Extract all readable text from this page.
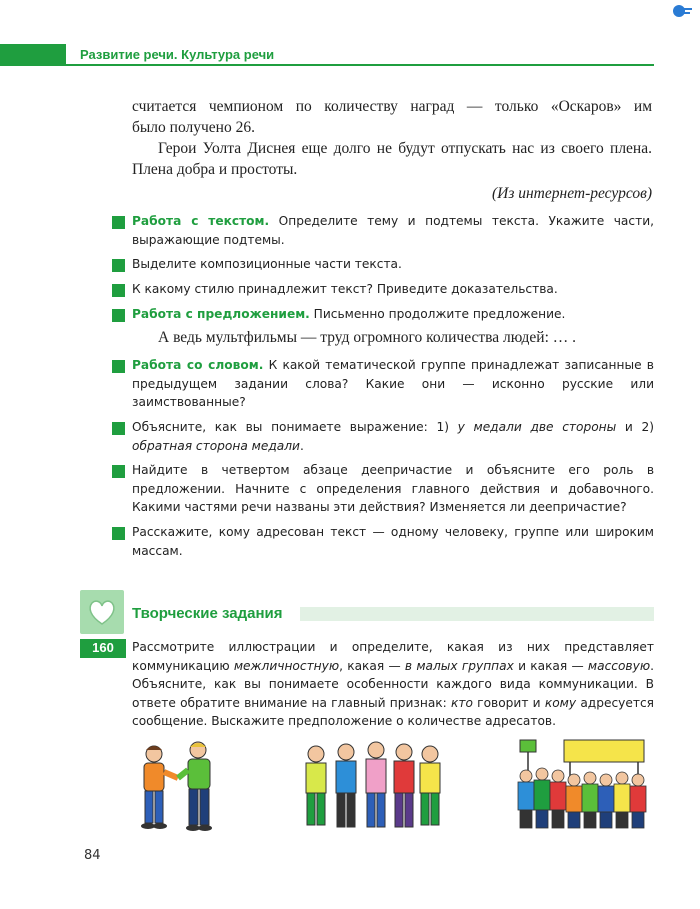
Развитие речи. Культура речи
считается чемпионом по количеству наград — только «Оскаров» им
было получено 26.
Герои Уолта Диснея еще долго не будут отпускать нас из своего плена. Плена добра и простоты.
(Из интернет-ресурсов)
Работа с текстом. Определите тему и подтемы текста. Укажите части, выражающие подтемы.
Выделите композиционные части текста.
К какому стилю принадлежит текст? Приведите доказательства.
Работа с предложением. Письменно продолжите предложение.
А ведь мультфильмы — труд огромного количества людей: … .
Работа со словом. К какой тематической группе принадлежат записанные в предыдущем задании слова? Какие они — исконно русские или заимствованные?
Объясните, как вы понимаете выражение: 1) у медали две стороны и 2) обратная сторона медали.
Найдите в четвертом абзаце деепричастие и объясните его роль в предложении. Начните с определения главного действия и добавочного. Какими частями речи названы эти действия? Изменяется ли деепричастие?
Расскажите, кому адресован текст — одному человеку, группе или широким массам.
Творческие задания
160	Рассмотрите иллюстрации и определите, какая из них представляет коммуникацию межличностную, какая — в малых группах и какая — массовую. Объясните, как вы понимаете особенности каждого вида коммуникации. В ответе обратите внимание на главный признак: кто говорит и кому адресуется сообщение. Выскажите предположение о количестве адресатов.
84
